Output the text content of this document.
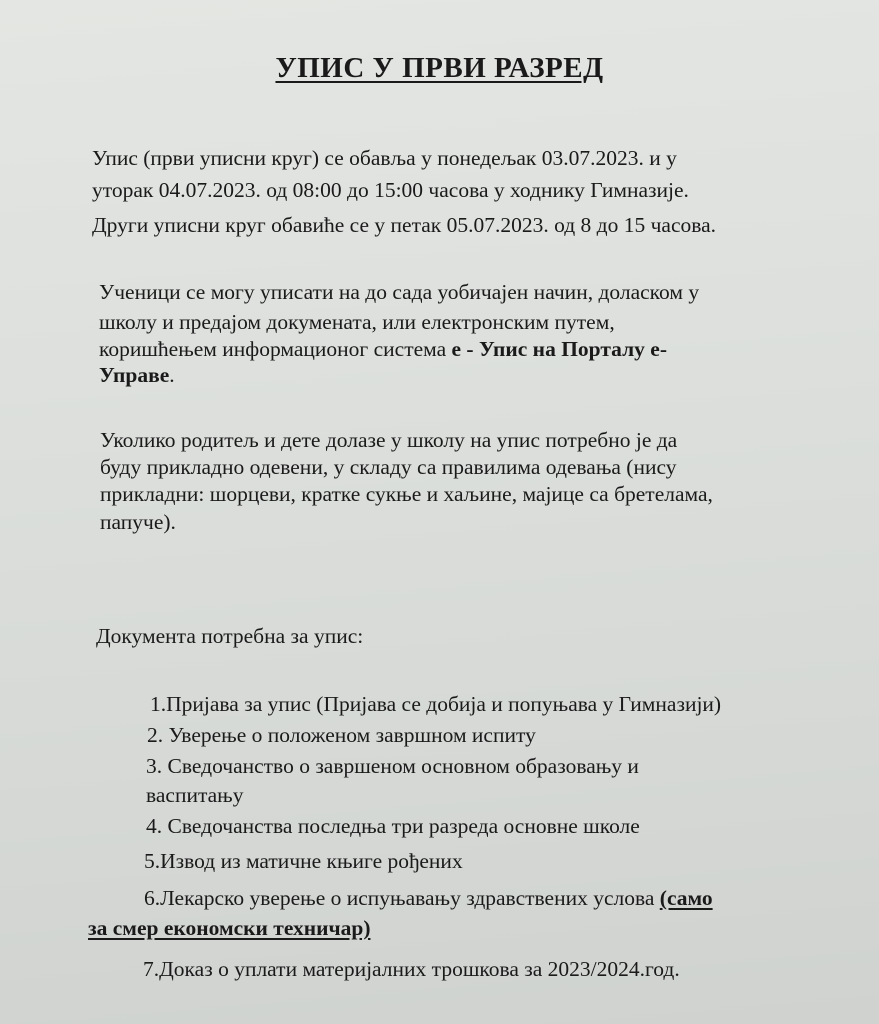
УПИС У ПРВИ РАЗРЕД
Упис (први уписни круг) се обавља у понедељак 03.07.2023. и у
уторак 04.07.2023. од 08:00 до 15:00 часова у ходнику Гимназије.
Други уписни круг обавиће се у петак 05.07.2023. од 8 до 15 часова.
Ученици се могу уписати на до сада уобичајен начин, доласком у
школу и предајом докумената, или електронским путем,
коришћењем информационог система е - Упис на Порталу е-
Управе.
Уколико родитељ и дете долазе у школу на упис потребно је да
буду прикладно одевени, у складу са правилима одевања (нису
прикладни: шорцеви, кратке сукње и хаљине, мајице са бретелама,
папуче).
Документа потребна за упис:
1.Пријава за упис (Пријава се добија и попуњава у Гимназији)
2. Уверење о положеном завршном испиту
3. Сведочанство о завршеном основном образовању и
васпитању
4. Сведочанства последња три разреда основне школе
5.Извод из матичне књиге рођених
6.Лекарско уверење о испуњавању здравствених услова (само
за смер економски техничар)
7.Доказ о уплати материјалних трошкова за 2023/2024.год.
